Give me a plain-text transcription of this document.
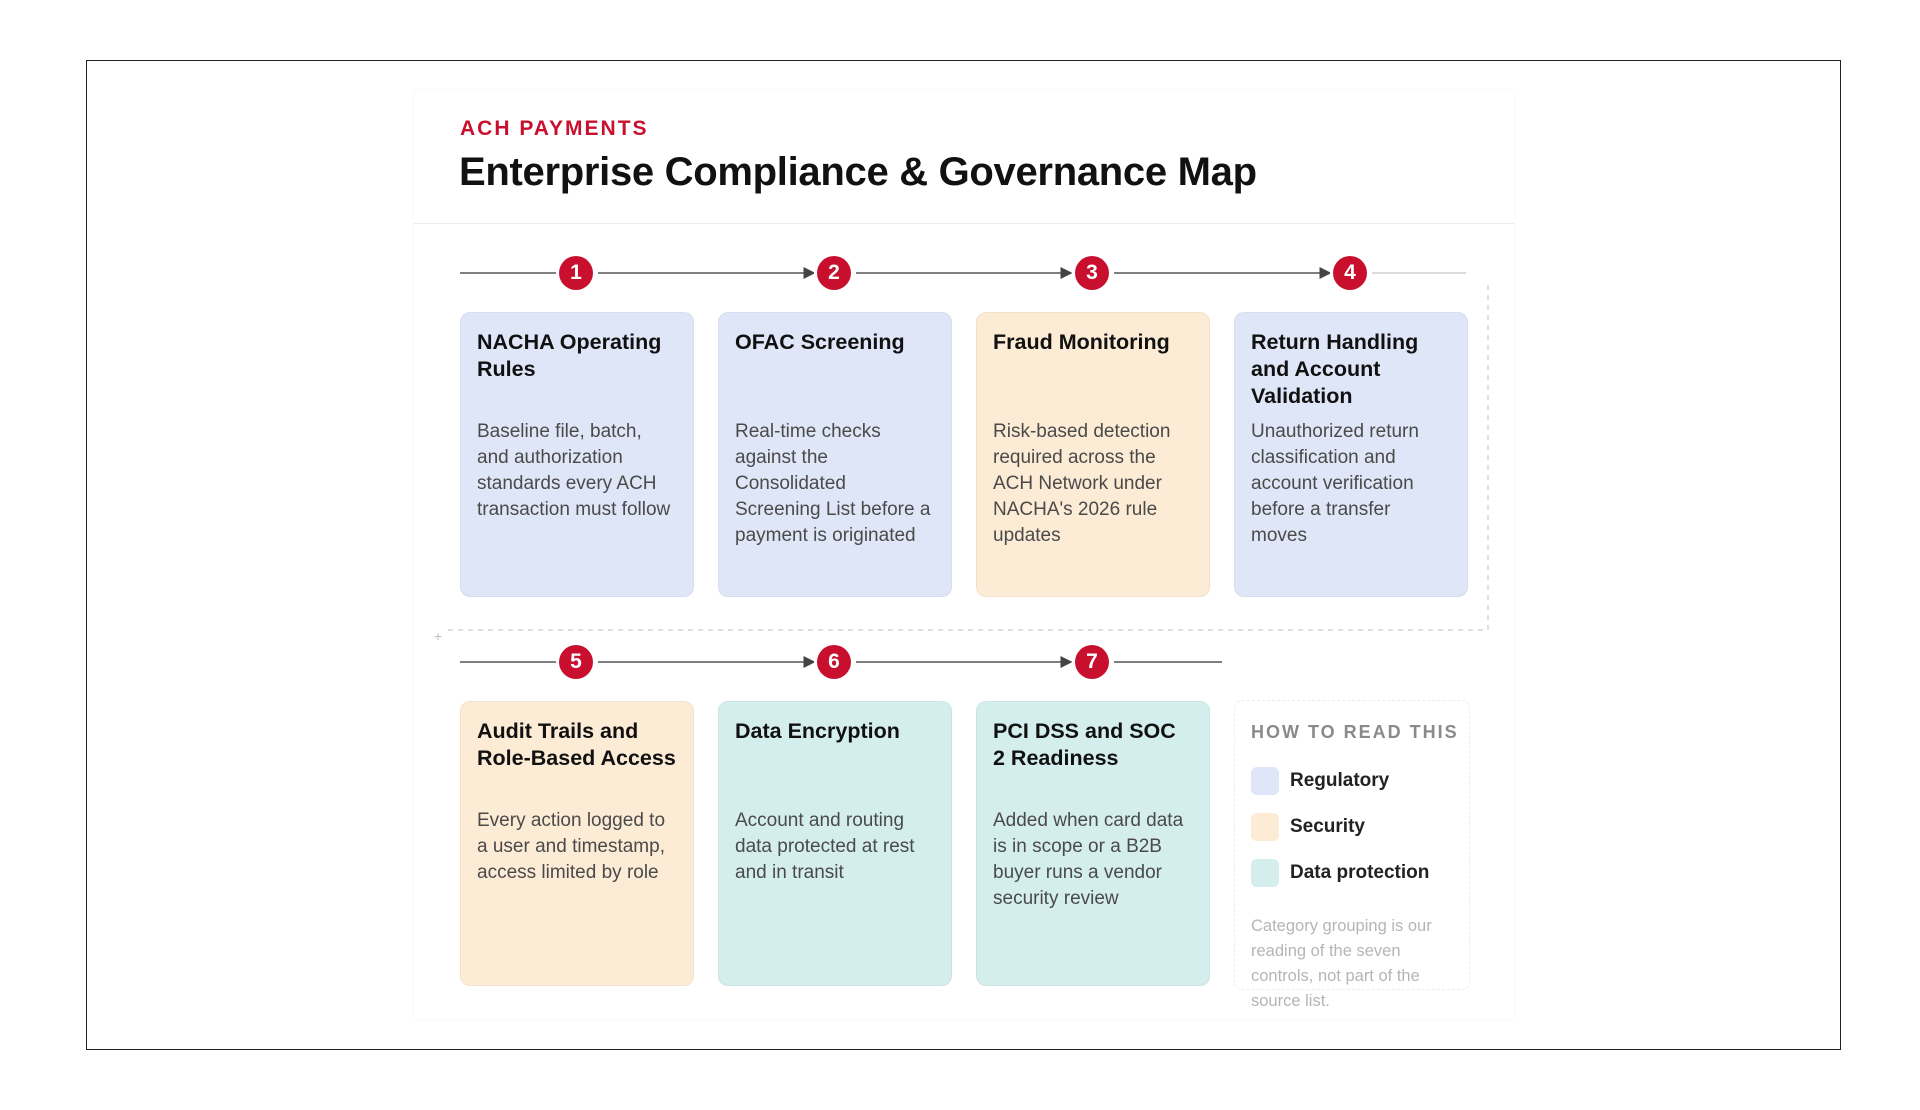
ACH PAYMENTS
Enterprise Compliance & Governance Map
+
1	2	3	4
5	6	7
NACHA Operating Rules
Baseline file, batch, and authorization standards every ACH transaction must follow
OFAC Screening
Real-time checks against the Consolidated Screening List before a payment is originated
Fraud Monitoring
Risk-based detection required across the ACH Network under NACHA's 2026 rule updates
Return Handling and Account Validation
Unauthorized return classification and account verification before a transfer moves
Audit Trails and Role-Based Access
Every action logged to a user and timestamp, access limited by role
Data Encryption
Account and routing data protected at rest and in transit
PCI DSS and SOC 2 Readiness
Added when card data is in scope or a B2B buyer runs a vendor security review
HOW TO READ THIS
Regulatory
Security
Data protection
Category grouping is our reading of the seven controls, not part of the source list.
